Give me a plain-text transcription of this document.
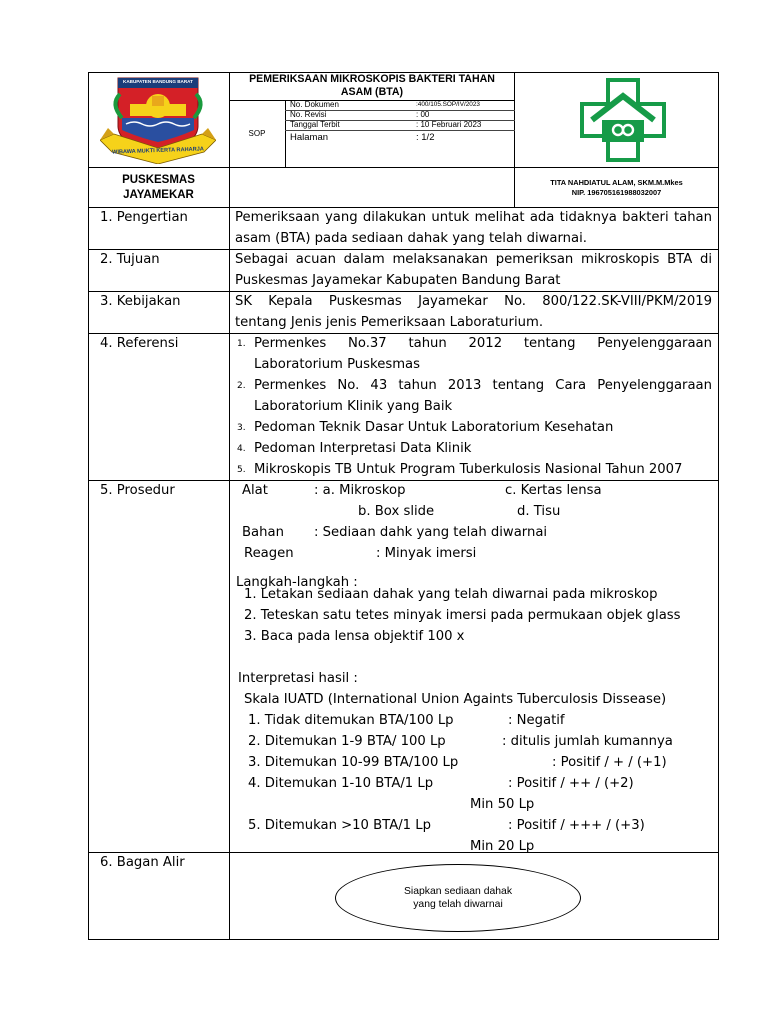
KABUPATEN BANDUNG BARAT
WIBAWA MUKTI KERTA RAHARJA
PEMERIKSAAN MIKROSKOPIS BAKTERI TAHAN
ASAM (BTA)
SOP
No. Dokumen	:400/105.SOP/IV/2023
No. Revisi	: 00
Tanggal Terbit	: 10 Februari 2023
Halaman	: 1/2
PUSKESMAS
JAYAMEKAR
TITA NAHDIATUL ALAM, SKM.M.Mkes
NIP. 196705161988032007
1. Pengertian	Pemeriksaan yang dilakukan untuk melihat ada tidaknya bakteri tahan
asam (BTA) pada sediaan dahak yang telah diwarnai.
2. Tujuan	Sebagai acuan dalam melaksanakan pemeriksan mikroskopis BTA di
Puskesmas Jayamekar Kabupaten Bandung Barat
3. Kebijakan	SK Kepala Puskesmas Jayamekar No. 800/122.SK-VIII/PKM/2019
tentang Jenis jenis Pemeriksaan Laboraturium.
4. Referensi	1. Permenkes No.37 tahun 2012 tentang Penyelenggaraan
Laboratorium Puskesmas
2. Permenkes No. 43 tahun 2013 tentang Cara Penyelenggaraan
Laboratorium Klinik yang Baik
3. Pedoman Teknik Dasar Untuk Laboratorium Kesehatan
4. Pedoman Interpretasi Data Klinik
5. Mikroskopis TB Untuk Program Tuberkulosis Nasional Tahun 2007
5. Prosedur	Alat	: a. Mikroskop	c. Kertas lensa
b. Box slide	d. Tisu
Bahan : Sediaan dahk yang telah diwarnai
Reagen	: Minyak imersi
Langkah-langkah :
1. Letakan sediaan dahak yang telah diwarnai pada mikroskop
2. Teteskan satu tetes minyak imersi pada permukaan objek glass
3. Baca pada lensa objektif 100 x
Interpretasi hasil :
Skala IUATD (International Union Againts Tuberculosis Dissease)
1. Tidak ditemukan BTA/100 Lp	: Negatif
2. Ditemukan 1-9 BTA/ 100 Lp	: ditulis jumlah kumannya
3. Ditemukan 10-99 BTA/100 Lp	: Positif / + / (+1)
4. Ditemukan 1-10 BTA/1 Lp	: Positif / ++ / (+2)
Min 50 Lp
5. Ditemukan >10 BTA/1 Lp	: Positif / +++ / (+3)
Min 20 Lp
6. Bagan Alir
Siapkan sediaan dahak
yang telah diwarnai
